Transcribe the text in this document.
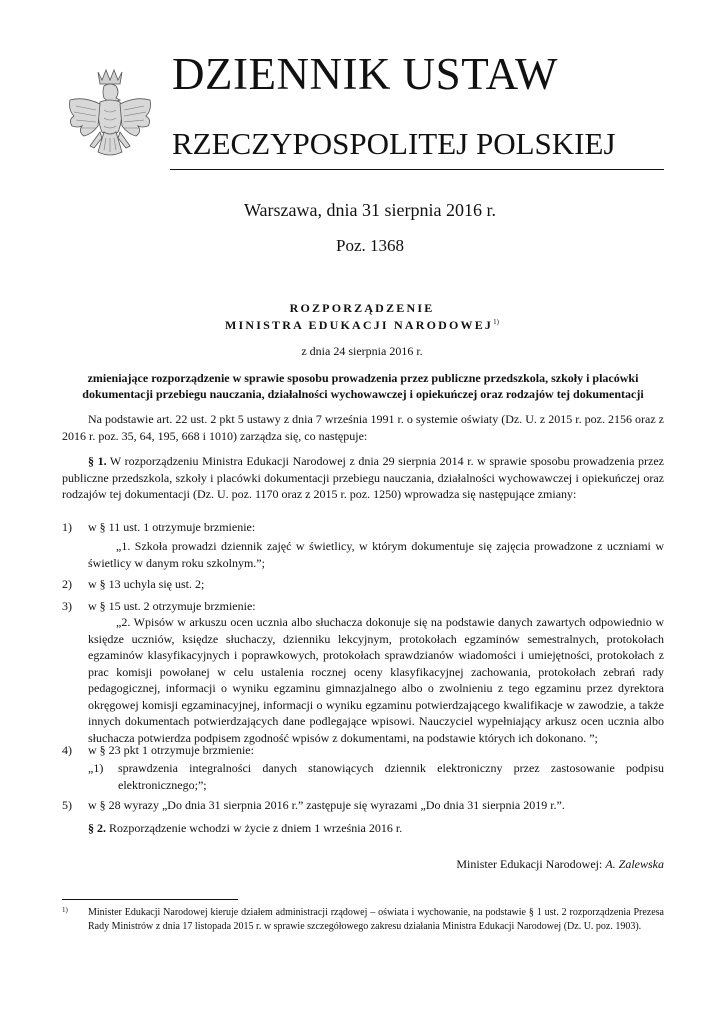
DZIENNIK USTAW
RZECZYPOSPOLITEJ POLSKIEJ
Warszawa, dnia 31 sierpnia 2016 r.
Poz. 1368
ROZPORZĄDZENIE
MINISTRA EDUKACJI NARODOWEJ$^{1)}$
z dnia 24 sierpnia 2016 r.
zmieniające rozporządzenie w sprawie sposobu prowadzenia przez publiczne przedszkola, szkoły i placówki dokumentacji przebiegu nauczania, działalności wychowawczej i opiekuńczej oraz rodzajów tej dokumentacji
Na podstawie art. 22 ust. 2 pkt 5 ustawy z dnia 7 września 1991 r. o systemie oświaty (Dz. U. z 2015 r. poz. 2156 oraz z 2016 r. poz. 35, 64, 195, 668 i 1010) zarządza się, co następuje:
§ 1. W rozporządzeniu Ministra Edukacji Narodowej z dnia 29 sierpnia 2014 r. w sprawie sposobu prowadzenia przez publiczne przedszkola, szkoły i placówki dokumentacji przebiegu nauczania, działalności wychowawczej i opiekuńczej oraz rodzajów tej dokumentacji (Dz. U. poz. 1170 oraz z 2015 r. poz. 1250) wprowadza się następujące zmiany:
1) w § 11 ust. 1 otrzymuje brzmienie:
„1. Szkoła prowadzi dziennik zajęć w świetlicy, w którym dokumentuje się zajęcia prowadzone z uczniami w świetlicy w danym roku szkolnym.”;
2) w § 13 uchyla się ust. 2;
3) w § 15 ust. 2 otrzymuje brzmienie:
„2. Wpisów w arkuszu ocen ucznia albo słuchacza dokonuje się na podstawie danych zawartych odpowiednio w księdze uczniów, księdze słuchaczy, dzienniku lekcyjnym, protokołach egzaminów semestralnych, protokołach egzaminów klasyfikacyjnych i poprawkowych, protokołach sprawdzianów wiadomości i umiejętności, protokołach z prac komisji powołanej w celu ustalenia rocznej oceny klasyfikacyjnej zachowania, protokołach zebrań rady pedagogicznej, informacji o wyniku egzaminu gimnazjalnego albo o zwolnieniu z tego egzaminu przez dyrektora okręgowej komisji egzaminacyjnej, informacji o wyniku egzaminu potwierdzającego kwalifikacje w zawodzie, a także innych dokumentach potwierdzających dane podlegające wpisowi. Nauczyciel wypełniający arkusz ocen ucznia albo słuchacza potwierdza podpisem zgodność wpisów z dokumentami, na podstawie których ich dokonano. ”;
4) w § 23 pkt 1 otrzymuje brzmienie:
„1) sprawdzenia integralności danych stanowiących dziennik elektroniczny przez zastosowanie podpisu elektronicznego;”;
5) w § 28 wyrazy „Do dnia 31 sierpnia 2016 r.” zastępuje się wyrazami „Do dnia 31 sierpnia 2019 r.”.
§ 2. Rozporządzenie wchodzi w życie z dniem 1 września 2016 r.
Minister Edukacji Narodowej: A. Zalewska
1) Minister Edukacji Narodowej kieruje działem administracji rządowej – oświata i wychowanie, na podstawie § 1 ust. 2 rozporządzenia Prezesa Rady Ministrów z dnia 17 listopada 2015 r. w sprawie szczegółowego zakresu działania Ministra Edukacji Narodowej (Dz. U. poz. 1903).
